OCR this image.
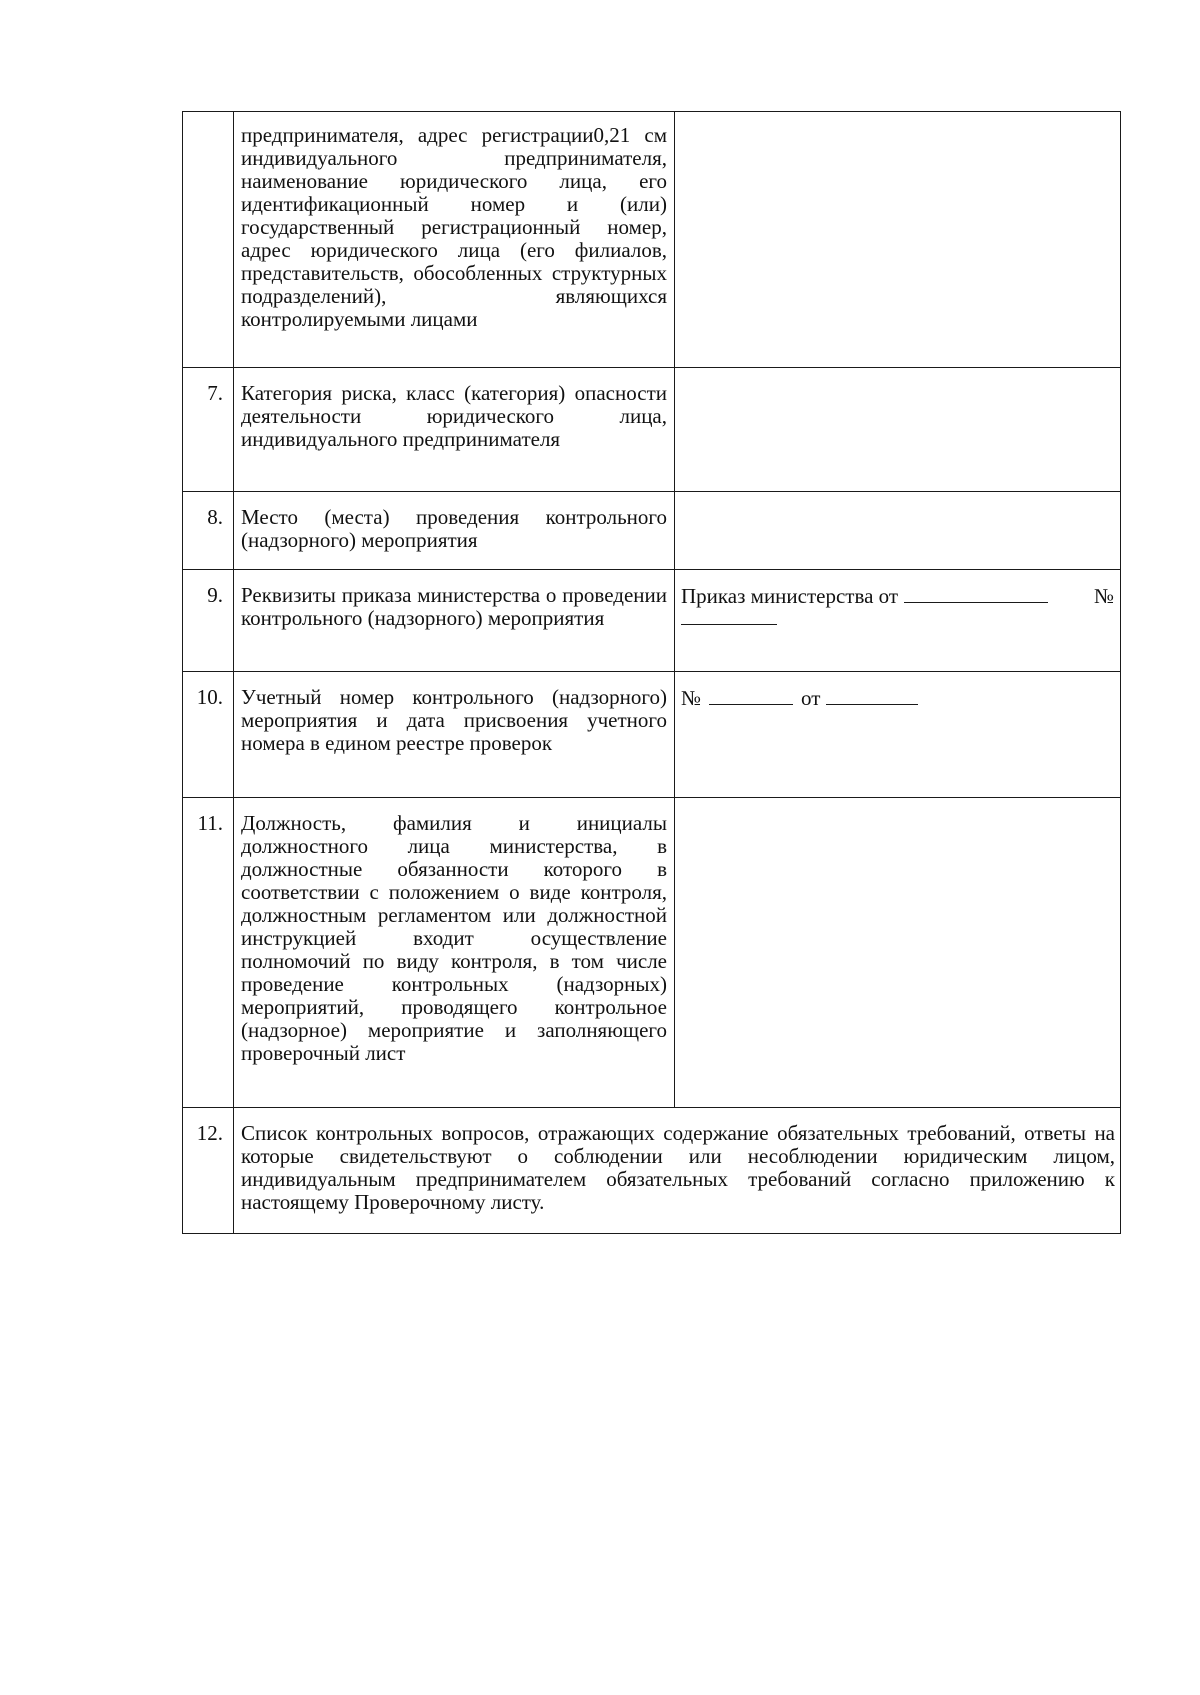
	предпринимателя, адрес регистрации0,21 см индивидуального предпринимателя, наименование юридического лица, его идентификационный номер и (или) государственный регистрационный номер, адрес юридического лица (его филиалов, представительств, обособленных структурных подразделений), являющихся контролируемыми лицами	

7.	Категория риска, класс (категория) опасности деятельности юридического лица, индивидуального предпринимателя	

8.	Место (места) проведения контрольного (надзорного) мероприятия	

9.	Реквизиты приказа министерства о проведении контрольного (надзорного) мероприятия	Приказ министерства от №

10.	Учетный номер контрольного (надзорного) мероприятия и дата присвоения учетного номера в едином реестре проверок	№ от
11.	Должность, фамилия и инициалы должностного лица министерства, в должностные обязанности которого в соответствии с положением о виде контроля, должностным регламентом или должностной инструкцией входит осуществление полномочий по виду контроля, в том числе проведение контрольных (надзорных) мероприятий, проводящего контрольное (надзорное) мероприятие и заполняющего проверочный лист	

12.	Список контрольных вопросов, отражающих содержание обязательных требований, ответы на которые свидетельствуют о соблюдении или несоблюдении юридическим лицом, индивидуальным предпринимателем обязательных требований согласно приложению к настоящему Проверочному листу.	
